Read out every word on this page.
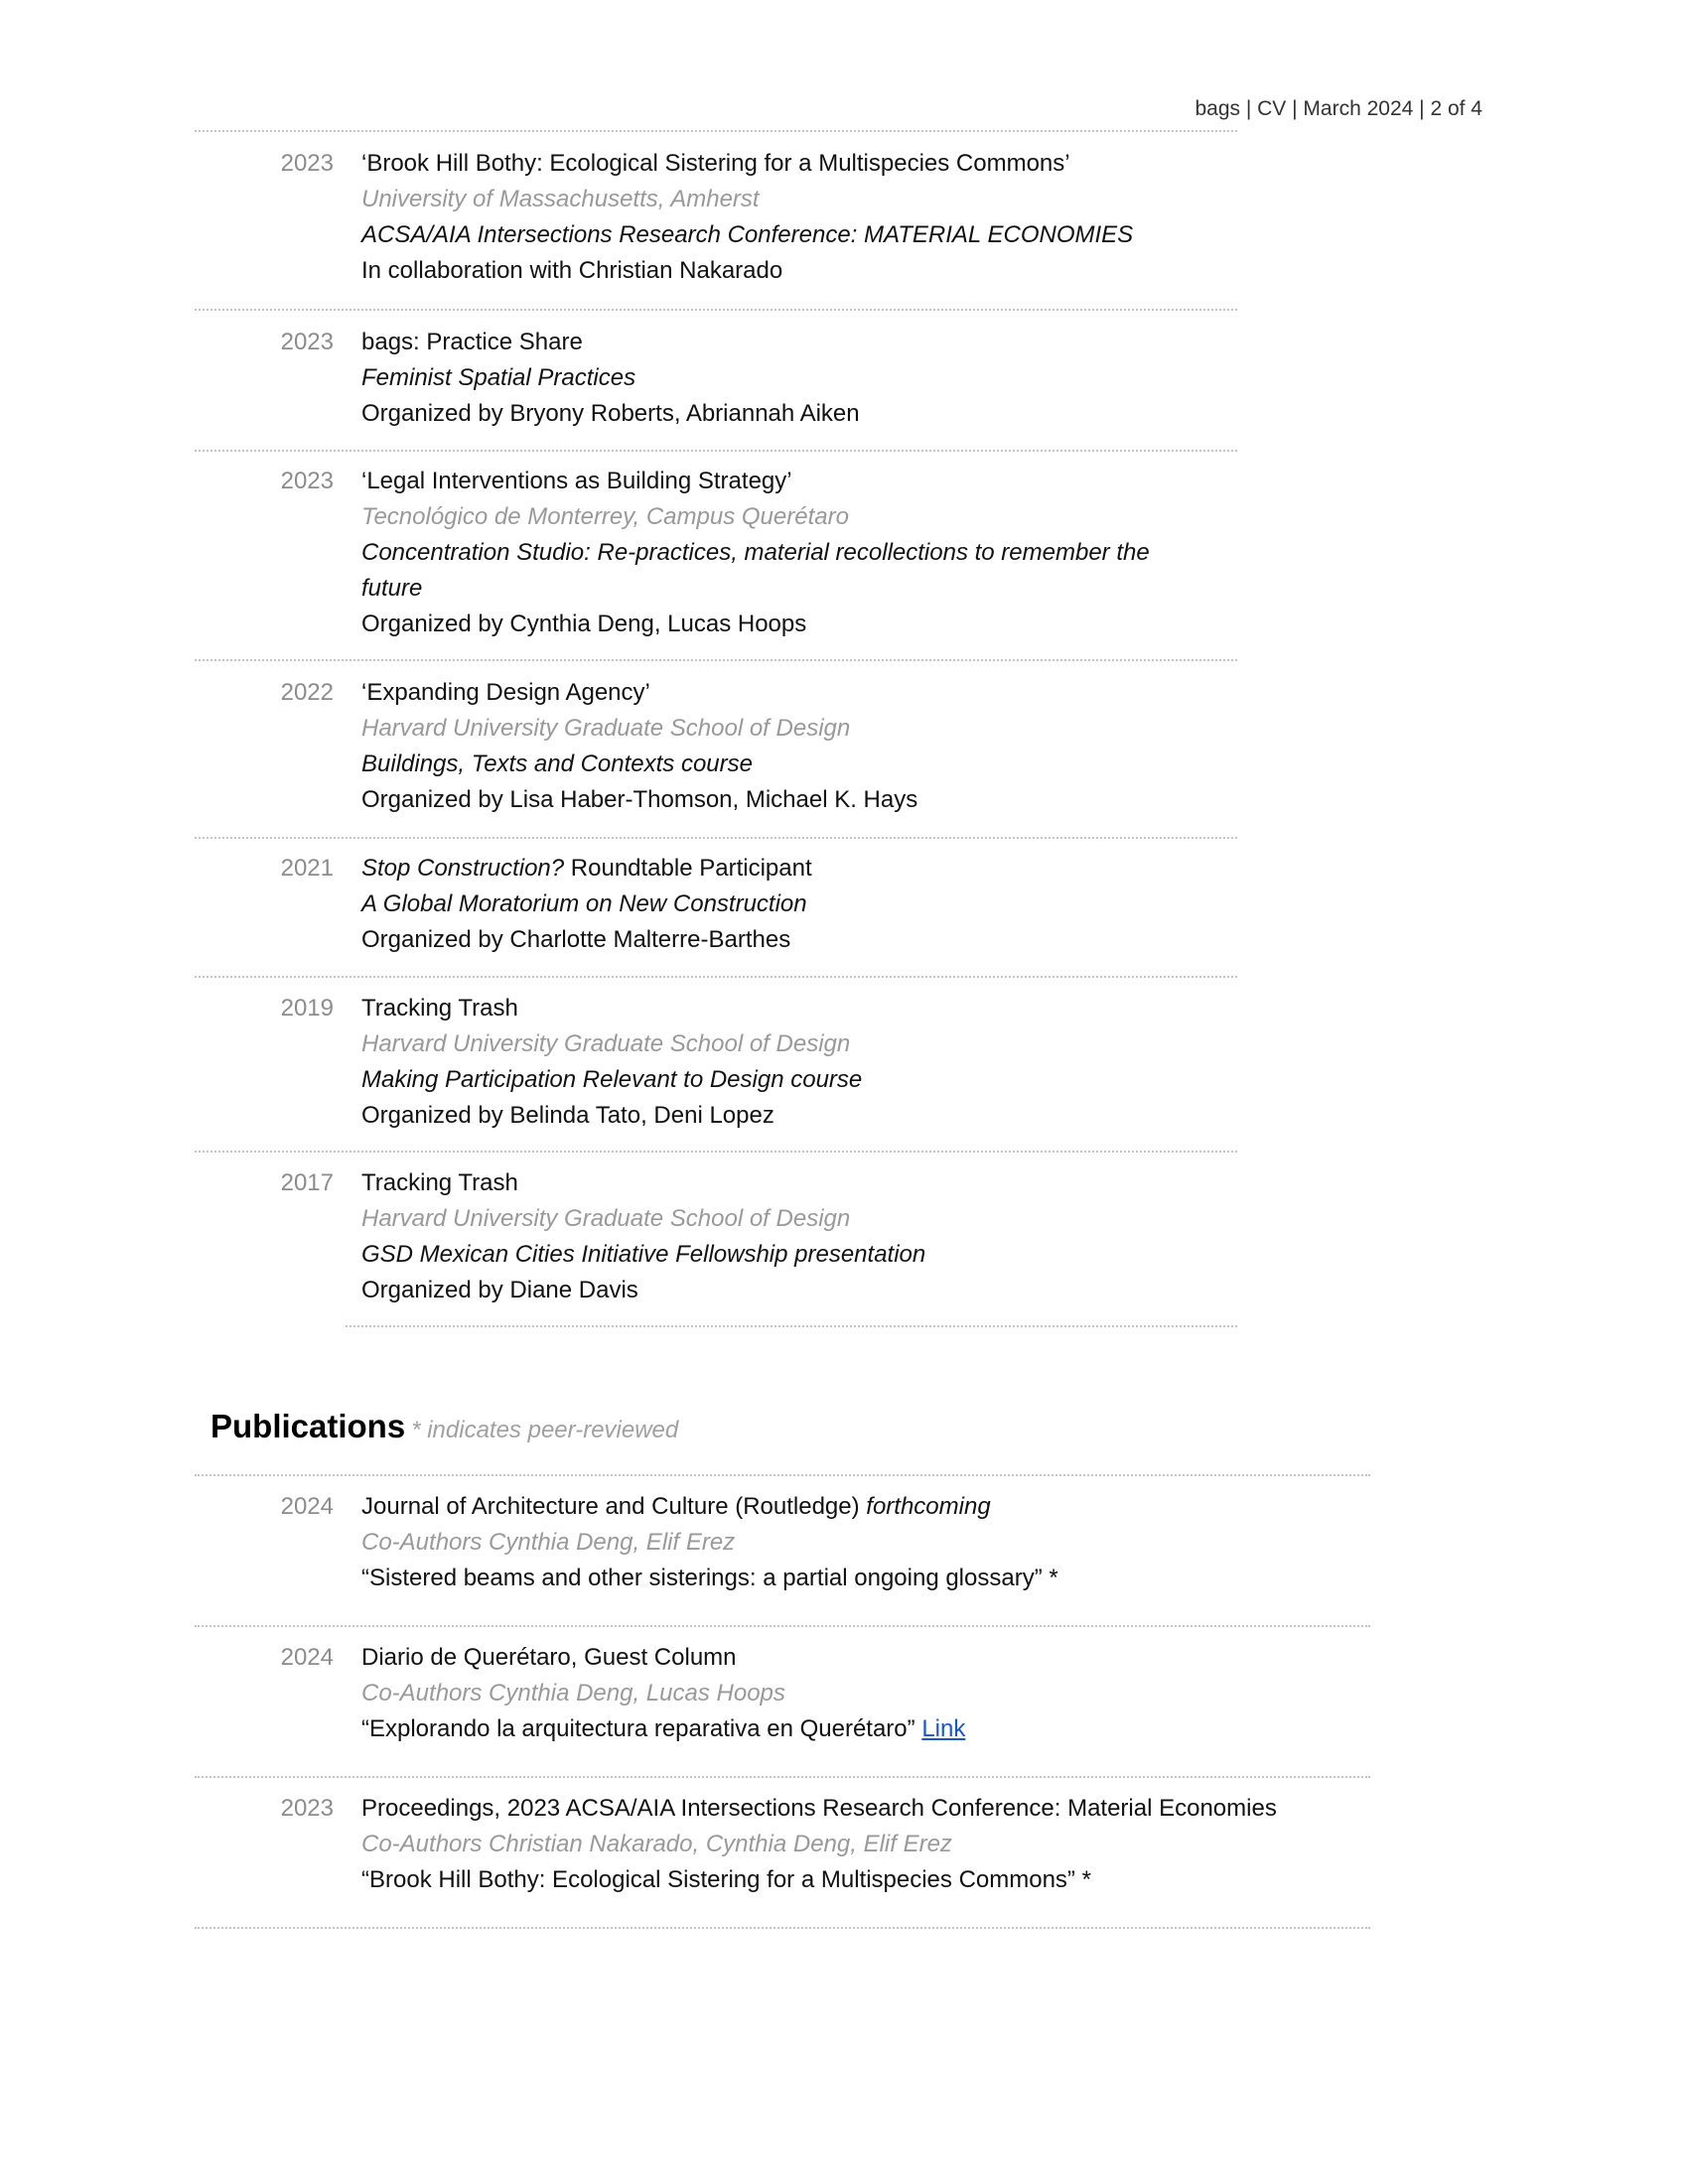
bags | CV | March 2024 | 2 of 4
2023 ‘Brook Hill Bothy: Ecological Sistering for a Multispecies Commons’
University of Massachusetts, Amherst
ACSA/AIA Intersections Research Conference: MATERIAL ECONOMIES
In collaboration with Christian Nakarado
2023 bags: Practice Share
Feminist Spatial Practices
Organized by Bryony Roberts, Abriannah Aiken
2023 ‘Legal Interventions as Building Strategy’
Tecnológico de Monterrey, Campus Querétaro
Concentration Studio: Re-practices, material recollections to remember the
future
Organized by Cynthia Deng, Lucas Hoops
2022 ‘Expanding Design Agency’
Harvard University Graduate School of Design
Buildings, Texts and Contexts course
Organized by Lisa Haber-Thomson, Michael K. Hays
2021 Stop Construction? Roundtable Participant
A Global Moratorium on New Construction
Organized by Charlotte Malterre-Barthes
2019 Tracking Trash
Harvard University Graduate School of Design
Making Participation Relevant to Design course
Organized by Belinda Tato, Deni Lopez
2017 Tracking Trash
Harvard University Graduate School of Design
GSD Mexican Cities Initiative Fellowship presentation
Organized by Diane Davis
Publications * indicates peer-reviewed
2024 Journal of Architecture and Culture (Routledge) forthcoming
Co-Authors Cynthia Deng, Elif Erez
“Sistered beams and other sisterings: a partial ongoing glossary” *
2024 Diario de Querétaro, Guest Column
Co-Authors Cynthia Deng, Lucas Hoops
“Explorando la arquitectura reparativa en Querétaro” Link
2023 Proceedings, 2023 ACSA/AIA Intersections Research Conference: Material Economies
Co-Authors Christian Nakarado, Cynthia Deng, Elif Erez
“Brook Hill Bothy: Ecological Sistering for a Multispecies Commons” *
